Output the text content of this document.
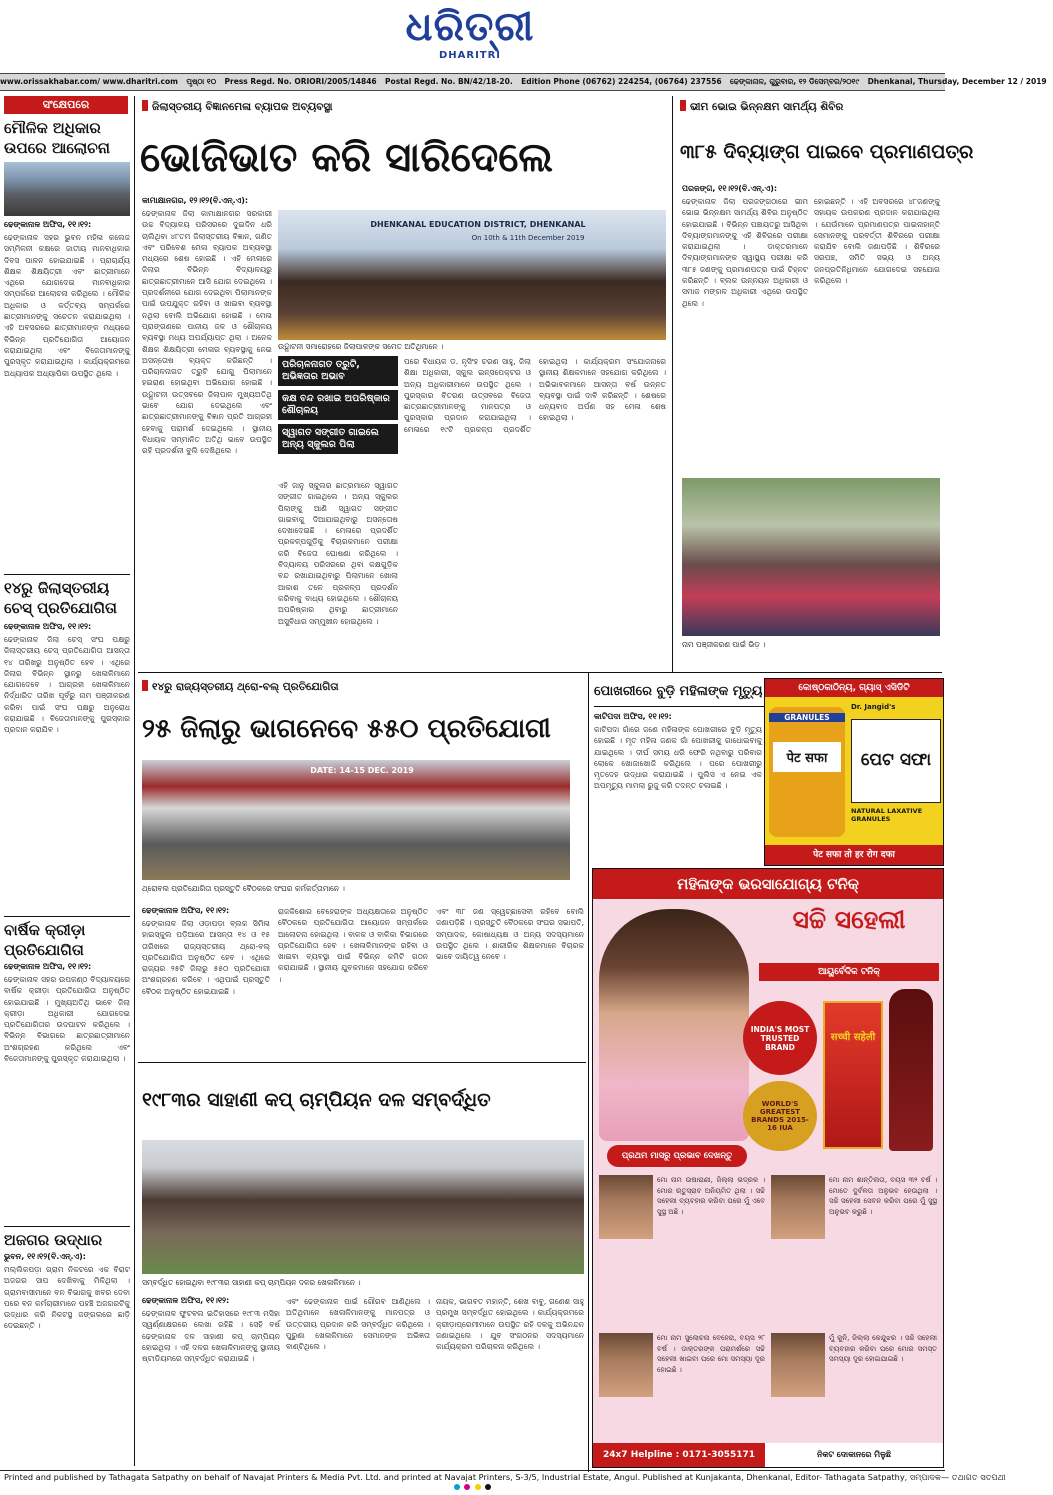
ଧରିତ୍ରୀ
DHARITRI
www.orissakhabar.com/ www.dharitri.com ପୃଷ୍ଠା ୧୦ Press Regd. No. ORIORI/2005/14846 Postal Regd. No. BN/42/18-20. Edition Phone (06762) 224254, (06764) 237556 ଢେଙ୍କାନାଳ, ଗୁରୁବାର, ୧୨ ଡିସେମ୍ବର/୨୦୧୯ Dhenkanal, Thursday, December 12 / 2019
ସଂକ୍ଷେପରେ
ମୌଳିକ ଅଧିକାର ଉପରେ ଆଲୋଚନା
ଢେଙ୍କାନାଳ ଅଫିସ, ୧୧।୧୨:
ଢେଙ୍କାନାଳ ସହର ଭୁବନ ମହିଳା କଲେଜ ସମ୍ମିଳନୀ କକ୍ଷରେ ଜାତୀୟ ମାନବାଧିକାର ଦିବସ ପାଳନ ହୋଇଯାଇଛି । ପ୍ରାଚାର୍ଯ୍ୟ ଶିକ୍ଷକ ଶିକ୍ଷୟିତ୍ରୀ ଏବଂ ଛାତ୍ରୀମାନେ ଏଥିରେ ଯୋଗଦେଇ ମାନବାଧିକାର ସମ୍ପର୍କରେ ଆଲୋଚନା କରିଥିଲେ । ମୌଳିକ ଅଧିକାର ଓ କର୍ତ୍ତବ୍ୟ ସମ୍ପର୍କରେ ଛାତ୍ରୀମାନଙ୍କୁ ସଚେତନ କରାଯାଇଥିଲା । ଏହି ଅବସରରେ ଛାତ୍ରୀମାନଙ୍କ ମଧ୍ୟରେ ବିଭିନ୍ନ ପ୍ରତିଯୋଗିତା ଆୟୋଜନ କରାଯାଇଥିଲା ଏବଂ ବିଜେତାମାନଙ୍କୁ ପୁରସ୍କୃତ କରାଯାଇଥିଲା । କାର୍ଯ୍ୟକ୍ରମରେ ଅଧ୍ୟାପକ ଅଧ୍ୟାପିକା ଉପସ୍ଥିତ ଥିଲେ ।
୧୪ରୁ ଜିଲାସ୍ତରୀୟ ଚେସ୍ ପ୍ରତିଯୋଗିତା
ଢେଙ୍କାନାଳ ଅଫିସ, ୧୧।୧୨:
ଢେଙ୍କାନାଳ ଜିଲା ଚେସ୍ ସଂଘ ପକ୍ଷରୁ ଜିଲାସ୍ତରୀୟ ଚେସ୍ ପ୍ରତିଯୋଗିତା ଆସନ୍ତା ୧୪ ତାରିଖରୁ ଅନୁଷ୍ଠିତ ହେବ । ଏଥିରେ ଜିଲାର ବିଭିନ୍ନ ସ୍ଥାନରୁ ଖେଳାଳିମାନେ ଯୋଗଦେବେ । ଆଗ୍ରହୀ ଖେଳାଳିମାନେ ନିର୍ଦ୍ଧାରିତ ତାରିଖ ପୂର୍ବରୁ ନାମ ପଞ୍ଜୀକରଣ କରିବା ପାଇଁ ସଂଘ ପକ୍ଷରୁ ଅନୁରୋଧ କରାଯାଇଛି । ବିଜେତାମାନଙ୍କୁ ପୁରସ୍କାର ପ୍ରଦାନ କରାଯିବ ।
ବାର୍ଷିକ କ୍ରୀଡ଼ା ପ୍ରତିଯୋଗିତା
ଢେଙ୍କାନାଳ ଅଫିସ, ୧୧।୧୨:
ଢେଙ୍କାନାଳ ସହର ଉପକଣ୍ଠ ବିଦ୍ୟାଳୟରେ ବାର୍ଷିକ କ୍ରୀଡ଼ା ପ୍ରତିଯୋଗିତା ଅନୁଷ୍ଠିତ ହୋଇଯାଇଛି । ମୁଖ୍ୟଅତିଥି ଭାବେ ଜିଲା କ୍ରୀଡ଼ା ଅଧିକାରୀ ଯୋଗଦେଇ ପ୍ରତିଯୋଗିତାର ଉଦଘାଟନ କରିଥିଲେ । ବିଭିନ୍ନ ବିଭାଗରେ ଛାତ୍ରଛାତ୍ରୀମାନେ ଅଂଶଗ୍ରହଣ କରିଥିଲେ ଏବଂ ବିଜେତାମାନଙ୍କୁ ପୁରସ୍କୃତ କରାଯାଇଥିଲା ।
ଅଜଗର ଉଦ୍ଧାର
ଭୁବନ, ୧୧।୧୨(ବି.ଏନ୍.ଏ):
ମଲ୍ଲିକପଡ଼ା ଗ୍ରାମ ନିକଟରେ ଏକ ବିରାଟ ଅଜଗର ସାପ ଦେଖିବାକୁ ମିଳିଥିଲା । ଗ୍ରାମବାସୀମାନେ ବନ ବିଭାଗକୁ ଖବର ଦେବା ପରେ ବନ କର୍ମଚାରୀମାନେ ପହଞ୍ଚି ଅଜଗରଟିକୁ ଉଦ୍ଧାର କରି ନିକଟସ୍ଥ ଜଙ୍ଗଲରେ ଛାଡ଼ି ଦେଇଛନ୍ତି ।
ଜିଲାସ୍ତରୀୟ ବିଜ୍ଞାନମେଳା ବ୍ୟାପକ ଅବ୍ୟବସ୍ଥା
ଭୋଜିଭାତ କରି ସାରିଦେଲେ
କାମାକ୍ଷାନଗର, ୧୨।୧୨(ବି.ଏନ୍.ଏ):
ଢେଙ୍କାନାଳ ଜିଲା କାମାକ୍ଷାନଗର ସରକାରୀ ଉଚ୍ଚ ବିଦ୍ୟାଳୟ ପରିସରରେ ଦୁଇଦିନ ଧରି ଚାଲିଥିବା ୪୮ତମ ଜିଲାସ୍ତରୀୟ ବିଜ୍ଞାନ, ଗଣିତ ଏବଂ ପରିବେଶ ମେଳା ବ୍ୟାପକ ଅବ୍ୟବସ୍ଥା ମଧ୍ୟରେ ଶେଷ ହୋଇଛି । ଏହି ମେଳାରେ ଜିଲାର ବିଭିନ୍ନ ବିଦ୍ୟାଳୟରୁ ଛାତ୍ରଛାତ୍ରୀମାନେ ଆସି ଯୋଗ ଦେଇଥିଲେ । ପ୍ରଦର୍ଶନୀରେ ଯୋଗ ଦେଇଥିବା ପିଲାମାନଙ୍କ ପାଇଁ ଉପଯୁକ୍ତ ରହିବା ଓ ଖାଇବା ବ୍ୟବସ୍ଥା ନଥିଲା ବୋଲି ଅଭିଯୋଗ ହୋଇଛି । ମେଳା ପ୍ରାଙ୍ଗଣରେ ପାନୀୟ ଜଳ ଓ ଶୌଚାଳୟ ବ୍ୟବସ୍ଥା ମଧ୍ୟ ଅପର୍ଯ୍ୟାପ୍ତ ଥିଲା । ଅନେକ ଶିକ୍ଷକ ଶିକ୍ଷୟିତ୍ରୀ ମେଳାର ବ୍ୟବସ୍ଥାକୁ ନେଇ ଅସନ୍ତୋଷ ବ୍ୟକ୍ତ କରିଛନ୍ତି । ପରିଚାଳନାଗତ ତ୍ରୁଟି ଯୋଗୁ ପିଲାମାନେ ହଇରାଣ ହୋଇଥିବା ଅଭିଯୋଗ ହୋଇଛି । ଉଦ୍ଘାଟନୀ ଉତ୍ସବରେ ଜିଲାପାଳ ମୁଖ୍ୟଅତିଥି ଭାବେ ଯୋଗ ଦେଇଥିଲେ ଏବଂ ଛାତ୍ରଛାତ୍ରୀମାନଙ୍କୁ ବିଜ୍ଞାନ ପ୍ରତି ଆଗ୍ରହୀ ହେବାକୁ ପରାମର୍ଶ ଦେଇଥିଲେ । ସ୍ଥାନୀୟ ବିଧାୟକ ସମ୍ମାନିତ ଅତିଥି ଭାବେ ଉପସ୍ଥିତ ରହି ପ୍ରଦର୍ଶନୀ ବୁଲି ଦେଖିଥିଲେ ।
DHENKANAL EDUCATION DISTRICT, DHENKANAL
On 10th & 11th December 2019
ଉଦ୍ଘାଟନୀ ସମାରୋହରେ ଜିଲାପାଳଙ୍କ ସମେତ ଅତିଥିମାନେ ।
ପରିଚାଳନାଗତ ତ୍ରୁଟି, ଅଭିଜ୍ଞତାର ଅଭାବ
କକ୍ଷ ବନ୍ଦ ରଖାଇ ଅପରିଷ୍କାର ଶୌଚାଳୟ
ସ୍ୱାଗତ ସଙ୍ଗୀତ ଗାଇଲେ ଅନ୍ୟ ସ୍କୁଲର ପିଲା
ଏହି ଜାନୁ ସ୍କୁଲର ଛାତ୍ରମାନେ ସ୍ୱାଗତ ସଙ୍ଗୀତ ଗାଇଥିଲେ । ଅନ୍ୟ ସ୍କୁଲର ପିଲାଙ୍କୁ ଆଣି ସ୍ୱାଗତ ସଙ୍ଗୀତ ଗାଇବାକୁ ଦିଆଯାଇଥିବାରୁ ଅସନ୍ତୋଷ ଦେଖାଦେଇଛି । ମେଳାରେ ପ୍ରଦର୍ଶିତ ପ୍ରକଳ୍ପଗୁଡ଼ିକୁ ବିଚାରକମାନେ ପରୀକ୍ଷା କରି ବିଜେତା ଘୋଷଣା କରିଥିଲେ । ବିଦ୍ୟାଳୟ ପରିସରରେ ଥିବା କକ୍ଷଗୁଡ଼ିକ ବନ୍ଦ ରଖାଯାଇଥିବାରୁ ପିଲାମାନେ ଖୋଲା ଆକାଶ ତଳେ ପ୍ରକଳ୍ପ ପ୍ରଦର୍ଶନ କରିବାକୁ ବାଧ୍ୟ ହୋଇଥିଲେ । ଶୌଚାଳୟ ଅପରିଷ୍କାର ଥିବାରୁ ଛାତ୍ରୀମାନେ ଅସୁବିଧାର ସମ୍ମୁଖୀନ ହୋଇଥିଲେ ।
ପରେ ବିଧାୟକ ଡ. ନୃସିଂହ ଚରଣ ସାହୁ, ଜିଲା ଶିକ୍ଷା ଅଧିକାରୀ, ସ୍କୁଲ ଇନ୍ସପେକ୍ଟର ଓ ଅନ୍ୟ ଅଧିକାରୀମାନେ ଉପସ୍ଥିତ ଥିଲେ । ପୁରସ୍କାର ବିତରଣ ଉତ୍ସବରେ ବିଜେତା ଛାତ୍ରଛାତ୍ରୀମାନଙ୍କୁ ମାନପତ୍ର ଓ ପୁରସ୍କାର ପ୍ରଦାନ କରାଯାଇଥିଲା । ମେଳାରେ ୧୯ଟି ପ୍ରକଳ୍ପ ପ୍ରଦର୍ଶିତ ହୋଇଥିଲା । କାର୍ଯ୍ୟକ୍ରମ ସଂଯୋଜନାରେ ସ୍ଥାନୀୟ ଶିକ୍ଷକମାନେ ସହଯୋଗ କରିଥିଲେ । ଅଭିଭାବକମାନେ ଆସନ୍ତା ବର୍ଷ ଉନ୍ନତ ବ୍ୟବସ୍ଥା ପାଇଁ ଦାବି କରିଛନ୍ତି । ଶେଷରେ ଧନ୍ୟବାଦ ଅର୍ପଣ ସହ ମେଳା ଶେଷ ହୋଇଥିଲା ।
ଭୀମ ଭୋଇ ଭିନ୍ନକ୍ଷମ ସାମର୍ଥ୍ୟ ଶିବିର
୩୮୫ ଦିବ୍ୟାଙ୍ଗ ପାଇବେ ପ୍ରମାଣପତ୍ର
ପରଜଙ୍ଗ, ୧୧।୧୨(ବି.ଏନ୍.ଏ):
ଢେଙ୍କାନାଳ ଜିଲା ପରଜଙ୍ଗଠାରେ ଭୀମ ଭୋଇ ଭିନ୍ନକ୍ଷମ ସାମର୍ଥ୍ୟ ଶିବିର ଅନୁଷ୍ଠିତ ହୋଇଯାଇଛି । ବିଭିନ୍ନ ପଞ୍ଚାୟତରୁ ଆସିଥିବା ଦିବ୍ୟାଙ୍ଗମାନଙ୍କୁ ଏହି ଶିବିରରେ ପରୀକ୍ଷା କରାଯାଇଥିଲା । ଡାକ୍ତରମାନେ ଦିବ୍ୟାଙ୍ଗମାନଙ୍କ ସ୍ୱାସ୍ଥ୍ୟ ପରୀକ୍ଷା କରି ୩୮୫ ଜଣଙ୍କୁ ପ୍ରମାଣପତ୍ର ପାଇଁ ଚିହ୍ନଟ କରିଛନ୍ତି । ବ୍ଲକ ଉନ୍ନୟନ ଅଧିକାରୀ ଓ ସମାଜ ମଙ୍ଗଳ ଅଧିକାରୀ ଏଥିରେ ଉପସ୍ଥିତ ଥିଲେ ।
ହୋଇଛନ୍ତି । ଏହି ଅବସରରେ ୪୮ଜଣଙ୍କୁ ସହାୟକ ଉପକରଣ ପ୍ରଦାନ କରାଯାଇଥିଲା । ଯେଉଁମାନେ ପ୍ରମାଣପତ୍ର ପାଇନାହାନ୍ତି ସେମାନଙ୍କୁ ପରବର୍ତ୍ତୀ ଶିବିରରେ ପରୀକ୍ଷା କରାଯିବ ବୋଲି ଜଣାପଡ଼ିଛି । ଶିବିରରେ ସରପଞ୍ଚ, ସମିତି ସଭ୍ୟ ଓ ଅନ୍ୟ ଜନପ୍ରତିନିଧିମାନେ ଯୋଗଦେଇ ସହଯୋଗ କରିଥିଲେ ।
ନାମ ପଞ୍ଜୀକରଣ ପାଇଁ ଭିଡ଼ ।
୧୪ରୁ ରାଜ୍ୟସ୍ତରୀୟ ଥ୍ରୋ-ବଲ୍ ପ୍ରତିଯୋଗିତା
୨୫ ଜିଲାରୁ ଭାଗନେବେ ୫୫୦ ପ୍ରତିଯୋଗୀ
DATE: 14-15 DEC. 2019
ଥ୍ରୋବଲ ପ୍ରତିଯୋଗିତା ପ୍ରସ୍ତୁତି ବୈଠକରେ ସଂଘର କର୍ମକର୍ତ୍ତାମାନେ ।
ଢେଙ୍କାନାଳ ଅଫିସ, ୧୧।୧୨:
ଢେଙ୍କାନାଳ ଜିଲା ଓଡ଼ାପଡ଼ା ବ୍ଲକ ସିମିଳା ହାଇସ୍କୁଲ ପଡ଼ିଆରେ ଆସନ୍ତା ୧୪ ଓ ୧୫ ତାରିଖରେ ରାଜ୍ୟସ୍ତରୀୟ ଥ୍ରୋ-ବଲ୍ ପ୍ରତିଯୋଗିତା ଅନୁଷ୍ଠିତ ହେବ । ଏଥିରେ ରାଜ୍ୟର ୨୫ଟି ଜିଲାରୁ ୫୫୦ ପ୍ରତିଯୋଗୀ ଅଂଶଗ୍ରହଣ କରିବେ । ଏଥିପାଇଁ ପ୍ରସ୍ତୁତି ବୈଠକ ଅନୁଷ୍ଠିତ ହୋଇଯାଇଛି ।
ରାଜକିଶୋର ବେହେରାଙ୍କ ଅଧ୍ୟକ୍ଷତାରେ ଅନୁଷ୍ଠିତ ବୈଠକରେ ପ୍ରତିଯୋଗିତା ଆୟୋଜନ ସମ୍ପର୍କରେ ଆଲୋଚନା ହୋଇଥିଲା । ବାଳକ ଓ ବାଳିକା ବିଭାଗରେ ପ୍ରତିଯୋଗିତା ହେବ । ଖେଳାଳିମାନଙ୍କ ରହିବା ଓ ଖାଇବା ବ୍ୟବସ୍ଥା ପାଇଁ ବିଭିନ୍ନ କମିଟି ଗଠନ କରାଯାଇଛି । ସ୍ଥାନୀୟ ଯୁବକମାନେ ସହଯୋଗ କରିବେ ।
ଏବଂ ୩୮ ଜଣ ସ୍ୱେଚ୍ଛାସେବୀ ରହିବେ ବୋଲି ଜଣାପଡ଼ିଛି । ପ୍ରସ୍ତୁତି ବୈଠକରେ ସଂଘର ସଭାପତି, ସମ୍ପାଦକ, କୋଷାଧ୍ୟକ୍ଷ ଓ ଅନ୍ୟ ସଦସ୍ୟମାନେ ଉପସ୍ଥିତ ଥିଲେ । ଶାରୀରିକ ଶିକ୍ଷକମାନେ ବିଚାରକ ଭାବେ ଦାୟିତ୍ୱ ନେବେ ।
ପୋଖରୀରେ ବୁଡ଼ି ମହିଳାଙ୍କ ମୃତ୍ୟୁ
କାଟିପଦା ଅଫିସ, ୧୧।୧୨:
କାଟିପଦା ଗାଁରେ ଜଣେ ମହିଳାଙ୍କ ପୋଖରୀରେ ବୁଡ଼ି ମୃତ୍ୟୁ ହୋଇଛି । ମୃତ ମହିଳା ଜଣକ ଗାଁ ପୋଖରୀକୁ ଗାଧୋଇବାକୁ ଯାଇଥିଲେ । ଦୀର୍ଘ ସମୟ ଧରି ଫେରି ନଥିବାରୁ ପରିବାର ଲୋକେ ଖୋଜାଖୋଜି କରିଥିଲେ । ପରେ ପୋଖରୀରୁ ମୃତଦେହ ଉଦ୍ଧାର କରାଯାଇଛି । ପୁଲିସ ଏ ନେଇ ଏକ ଅପମୃତ୍ୟୁ ମାମଲା ରୁଜୁ କରି ତଦନ୍ତ ଚଳାଇଛି ।
କୋଷ୍ଠକାଠିନ୍ୟ, ଗ୍ୟାସ୍ ଏସିଡିଟି
GRANULES
पेट सफा
Dr. Jangid's
ପେଟ ସଫା
NATURAL LAXATIVE GRANULES
पेट सफा तो हर रोग दफा
ମହିଳାଙ୍କ ଭରସାଯୋଗ୍ୟ ଟନିକ୍
ସଚ୍ଚି ସହେଲୀ
ଆୟୁର୍ବେଦିକ ଟନିକ୍
INDIA'S MOST TRUSTED BRAND
WORLD'S GREATEST BRANDS 2015-16 IUA
सच्ची सहेली
ପ୍ରଥମ ମାସରୁ ପ୍ରଭାବ ଦେଖନ୍ତୁ
ମୋ ନାମ ଉଷାରାଣୀ, ଜିଲ୍ଲା ଭଦ୍ରକ । ମୋର ଋତୁସ୍ରାବ ଅନିୟମିତ ଥିଲା । ସଚ୍ଚି ସହେଲୀ ବ୍ୟବହାର କରିବା ପରେ ମୁଁ ଏବେ ସୁସ୍ଥ ଅଛି ।
ମୋ ନାମ ଶାନ୍ତିଲତା, ବୟସ ୩୨ ବର୍ଷ । ମୋତେ ଦୁର୍ବଳତା ଅନୁଭବ ହେଉଥିଲା । ସଚ୍ଚି ସହେଲୀ ସେବନ କରିବା ପରେ ମୁଁ ସୁସ୍ଥ ଅନୁଭବ କରୁଛି ।
ମୋ ନାମ ସୁଲୋଚନା ବେହେରା, ବୟସ ୨୮ ବର୍ଷ । ଡାକ୍ତରଙ୍କ ପରାମର୍ଶରେ ସଚ୍ଚି ସହେଲୀ ଖାଇବା ପରେ ମୋ ସମସ୍ୟା ଦୂର ହୋଇଛି ।
ମୁଁ କୁନି, ଜିଲ୍ଲା କେନ୍ଦୁଝର । ସଚ୍ଚି ସହେଲୀ ବ୍ୟବହାର କରିବା ପରେ ମୋର ସମସ୍ତ ସମସ୍ୟା ଦୂର ହୋଇଯାଇଛି ।
24x7 Helpline : 0171-3055171	ନିକଟ ଦୋକାନରେ ମିଳୁଛି
୧୯୮୩ର ସାହାଣୀ କପ୍ ଚାମ୍ପିୟନ ଦଳ ସମ୍ବର୍ଦ୍ଧିତ
ସମ୍ବର୍ଦ୍ଧିତ ହୋଇଥିବା ୧୯୮୩ର ସାହାଣୀ କପ୍ ଚାମ୍ପିୟନ ଦଳର ଖେଳାଳିମାନେ ।
ଢେଙ୍କାନାଳ ଅଫିସ, ୧୧।୧୨:
ଢେଙ୍କାନାଳ ଫୁଟବଲ ଇତିହାସରେ ୧୯୮୩ ମସିହା ସ୍ୱର୍ଣ୍ଣାକ୍ଷରରେ ଲେଖା ରହିଛି । ସେହି ବର୍ଷ ଢେଙ୍କାନାଳ ଦଳ ସାହାଣୀ କପ୍ ଚାମ୍ପିୟନ ହୋଇଥିଲା । ଏହି ଦଳର ଖେଳାଳିମାନଙ୍କୁ ସ୍ଥାନୀୟ ଷ୍ଟାଡିୟମରେ ସମ୍ବର୍ଦ୍ଧିତ କରାଯାଇଛି ।
ଏବଂ ଢେଙ୍କାନାଳ ପାଇଁ ଗୌରବ ଆଣିଥିଲେ । ଅତିଥିମାନେ ଖେଳାଳିମାନଙ୍କୁ ମାନପତ୍ର ଓ ଉତ୍ତରୀୟ ପ୍ରଦାନ କରି ସମ୍ବର୍ଦ୍ଧିତ କରିଥିଲେ । ପୁରୁଣା ଖେଳାଳିମାନେ ସେମାନଙ୍କ ଅଭିଜ୍ଞତା ବାଣ୍ଟିଥିଲେ ।
ନାୟକ, ଭାଗବତ ମହାନ୍ତି, ଶେଖ ବାବୁ, ଗଣେଶ ସାହୁ ପ୍ରମୁଖ ସମ୍ବର୍ଦ୍ଧିତ ହୋଇଥିଲେ । କାର୍ଯ୍ୟକ୍ରମରେ କ୍ରୀଡ଼ାପ୍ରେମୀମାନେ ଉପସ୍ଥିତ ରହି ଦଳକୁ ଅଭିନନ୍ଦନ ଜଣାଇଥିଲେ । ଯୁବ ସଂଗଠନର ସଦସ୍ୟମାନେ କାର୍ଯ୍ୟକ୍ରମ ପରିଚାଳନା କରିଥିଲେ ।
Printed and published by Tathagata Satpathy on behalf of Navajat Printers & Media Pvt. Ltd. and printed at Navajat Printers, S-3/5, Industrial Estate, Angul. Published at Kunjakanta, Dhenkanal, Editor- Tathagata Satpathy, ସମ୍ପାଦକ— ତଥାଗତ ସତପଥୀ
